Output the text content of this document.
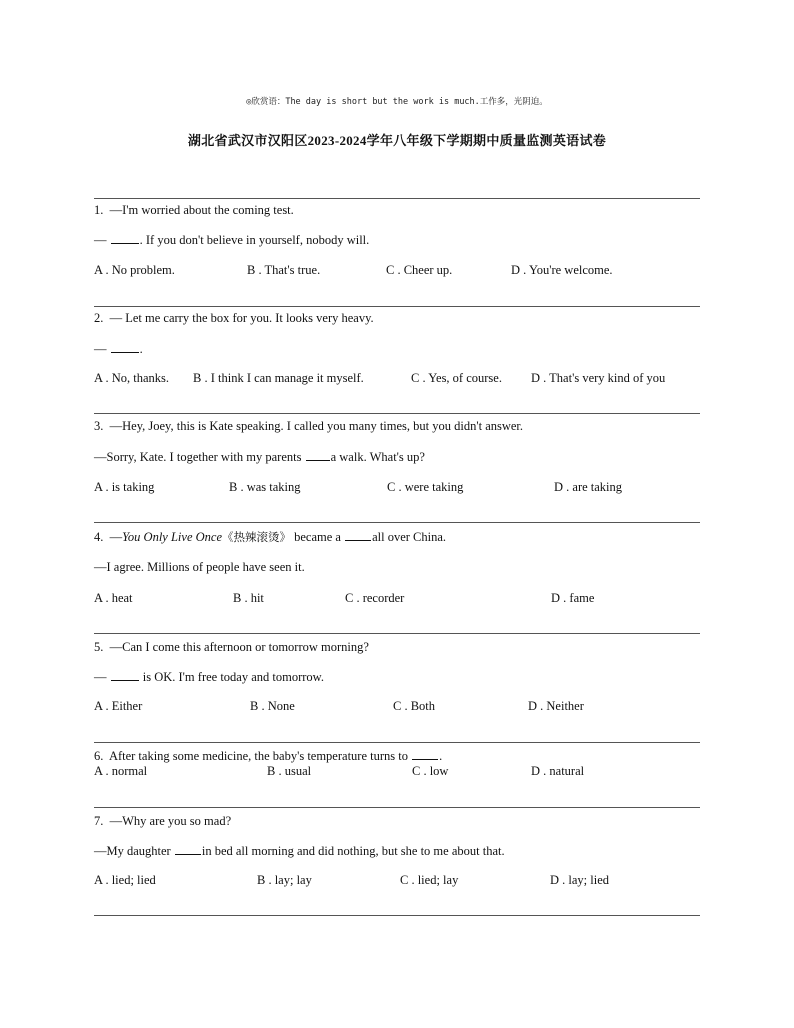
◎欣赏语：The day is short but the work is much.工作多，光阴迫。
湖北省武汉市汉阳区2023-2024学年八年级下学期期中质量监测英语试卷
1. —I'm worried about the coming test.
—	. If you don't believe in yourself, nobody will.
A . No problem.	B . That's true.	C . Cheer up.	D . You're welcome.
2. — Let me carry the box for you. It looks very heavy.
—	.
A . No, thanks. B . I think I can manage it myself.	C . Yes, of course. D . That's very kind of you
3. —Hey, Joey, this is Kate speaking. I called you many times, but you didn't answer.
—Sorry, Kate. I together with my parents a walk. What's up?
A . is taking	B . was taking	C . were taking	D . are taking
4. —You Only Live Once《热辣滚烫》 became a all over China.
—I agree. Millions of people have seen it.
A . heat	B . hit	C . recorder	D . fame
5. —Can I come this afternoon or tomorrow morning?
—	is OK. I'm free today and tomorrow.
A . Either	B . None	C . Both	D . Neither
6. After taking some medicine, the baby's temperature turns to .
A . normal	B . usual	C . low	D . natural
7. —Why are you so mad?
—My daughter in bed all morning and did nothing, but she to me about that.
A . lied; lied	B . lay; lay	C . lied; lay	D . lay; lied
